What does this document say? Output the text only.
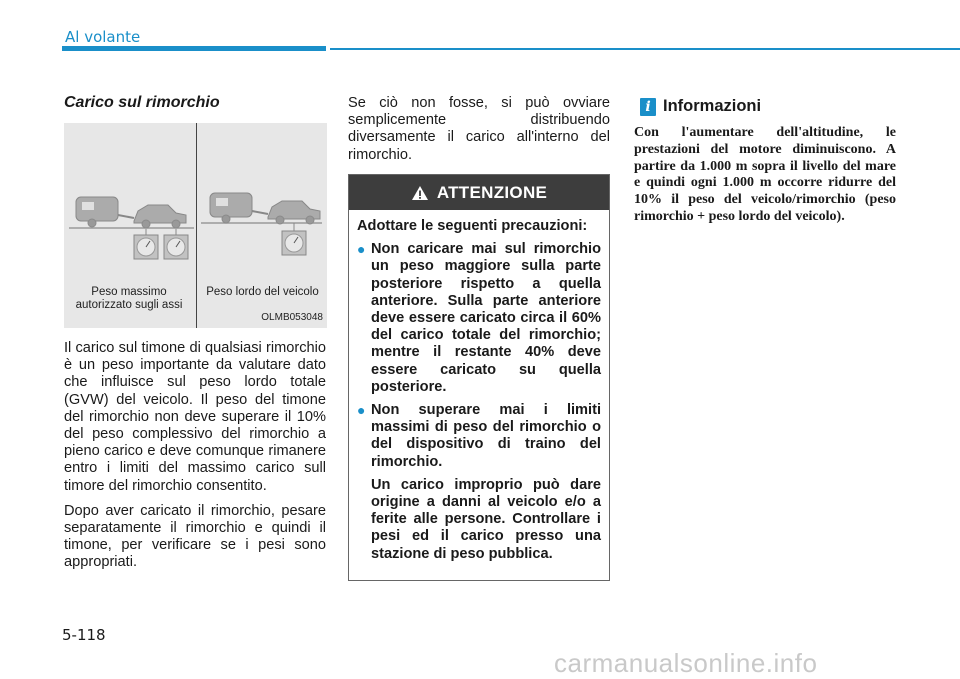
Al volante
Carico sul rimorchio
Peso massimo autorizzato sugli assi
Peso lordo del veicolo
OLMB053048

Il carico sul timone di qualsiasi rimorchio è un peso importante da valutare dato che influisce sul peso lordo totale (GVW) del veicolo. Il peso del timone del rimorchio non deve superare il 10% del peso complessivo del rimorchio a pieno carico e deve comunque rimanere entro i limiti del massimo carico sull timore del rimorchio consentito.

Dopo aver caricato il rimorchio, pesare separatamente il rimorchio e quindi il timone, per verificare se i pesi sono appropriati.

Se ciò non fosse, si può ovviare semplicemente distribuendo diversamente il carico all'interno del rimorchio.

ATTENZIONE

Adottare le seguenti precauzioni:

● Non caricare mai sul rimorchio un peso maggiore sulla parte posteriore rispetto a quella anteriore. Sulla parte anteriore deve essere caricato circa il 60% del carico totale del rimorchio; mentre il restante 40% deve essere caricato su quella posteriore.
● Non superare mai i limiti massimi di peso del rimorchio o del dispositivo di traino del rimorchio.

Un carico improprio può dare origine a danni al veicolo e/o a ferite alle persone. Controllare i pesi ed il carico presso una stazione di peso pubblica.

i Informazioni
Con l'aumentare dell'altitudine, le prestazioni del motore diminuiscono. A partire da 1.000 m sopra il livello del mare e quindi ogni 1.000 m occorre ridurre del 10% il peso del veicolo/rimorchio (peso rimorchio + peso lordo del veicolo).
5-118
carmanualsonline.info
